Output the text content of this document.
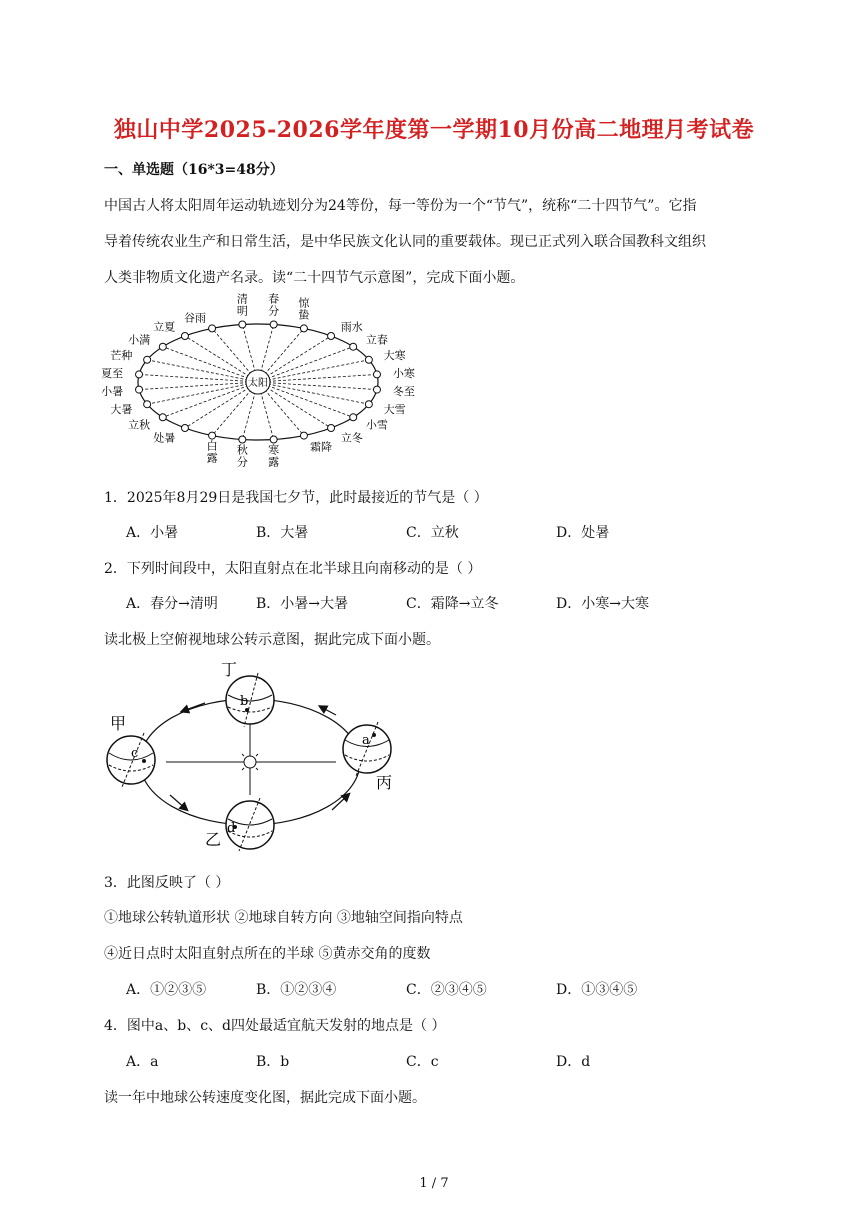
独山中学2025-2026学年度第一学期10月份高二地理月考试卷
一、单选题（16*3=48分）
中国古人将太阳周年运动轨迹划分为24等份，每一等份为一个“节气”，统称“二十四节气”。它指
导着传统农业生产和日常生活，是中华民族文化认同的重要载体。现已正式列入联合国教科文组织
人类非物质文化遗产名录。读“二十四节气示意图”，完成下面小题。
太阳
春分
惊蛰
雨水
立春
大寒
小寒
冬至
大雪
小雪
立冬
霜降
寒露
秋分
白露
处暑
立秋
大暑
小暑
夏至
芒种
小满
立夏
谷雨
清明
1．2025年8月29日是我国七夕节，此时最接近的节气是（ ）
A．小暑	B．大暑	C．立秋	D．处暑
2．下列时间段中，太阳直射点在北半球且向南移动的是（ ）
A．春分→清明	B．小暑→大暑	C．霜降→立冬	D．小寒→大寒
读北极上空俯视地球公转示意图，据此完成下面小题。
b
丁
c
甲
a
丙
d
乙
3．此图反映了（ ）
①地球公转轨道形状 ②地球自转方向 ③地轴空间指向特点
④近日点时太阳直射点所在的半球 ⑤黄赤交角的度数
A．①②③⑤	B．①②③④	C．②③④⑤	D．①③④⑤
4．图中a、b、c、d四处最适宜航天发射的地点是（ ）
A．a	B．b	C．c	D．d
读一年中地球公转速度变化图，据此完成下面小题。
1 / 7
